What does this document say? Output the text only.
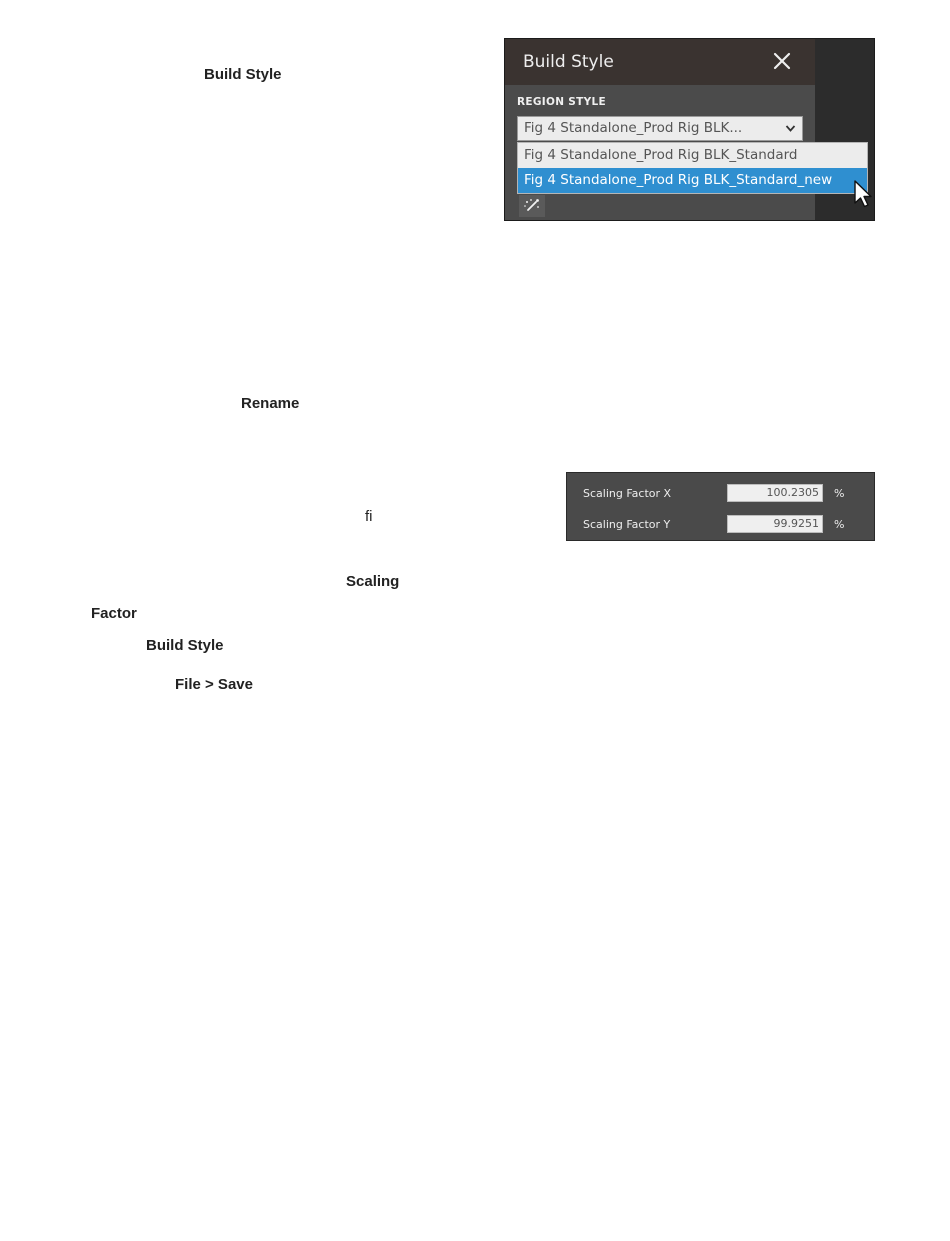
Build Style
Rename
fi
Scaling
Factor
Build Style
File > Save
Build Style
REGION STYLE
Fig 4 Standalone_Prod Rig BLK...
Fig 4 Standalone_Prod Rig BLK_Standard
Fig 4 Standalone_Prod Rig BLK_Standard_new
Scaling Factor X	100.2305	%
Scaling Factor Y	99.9251	%
